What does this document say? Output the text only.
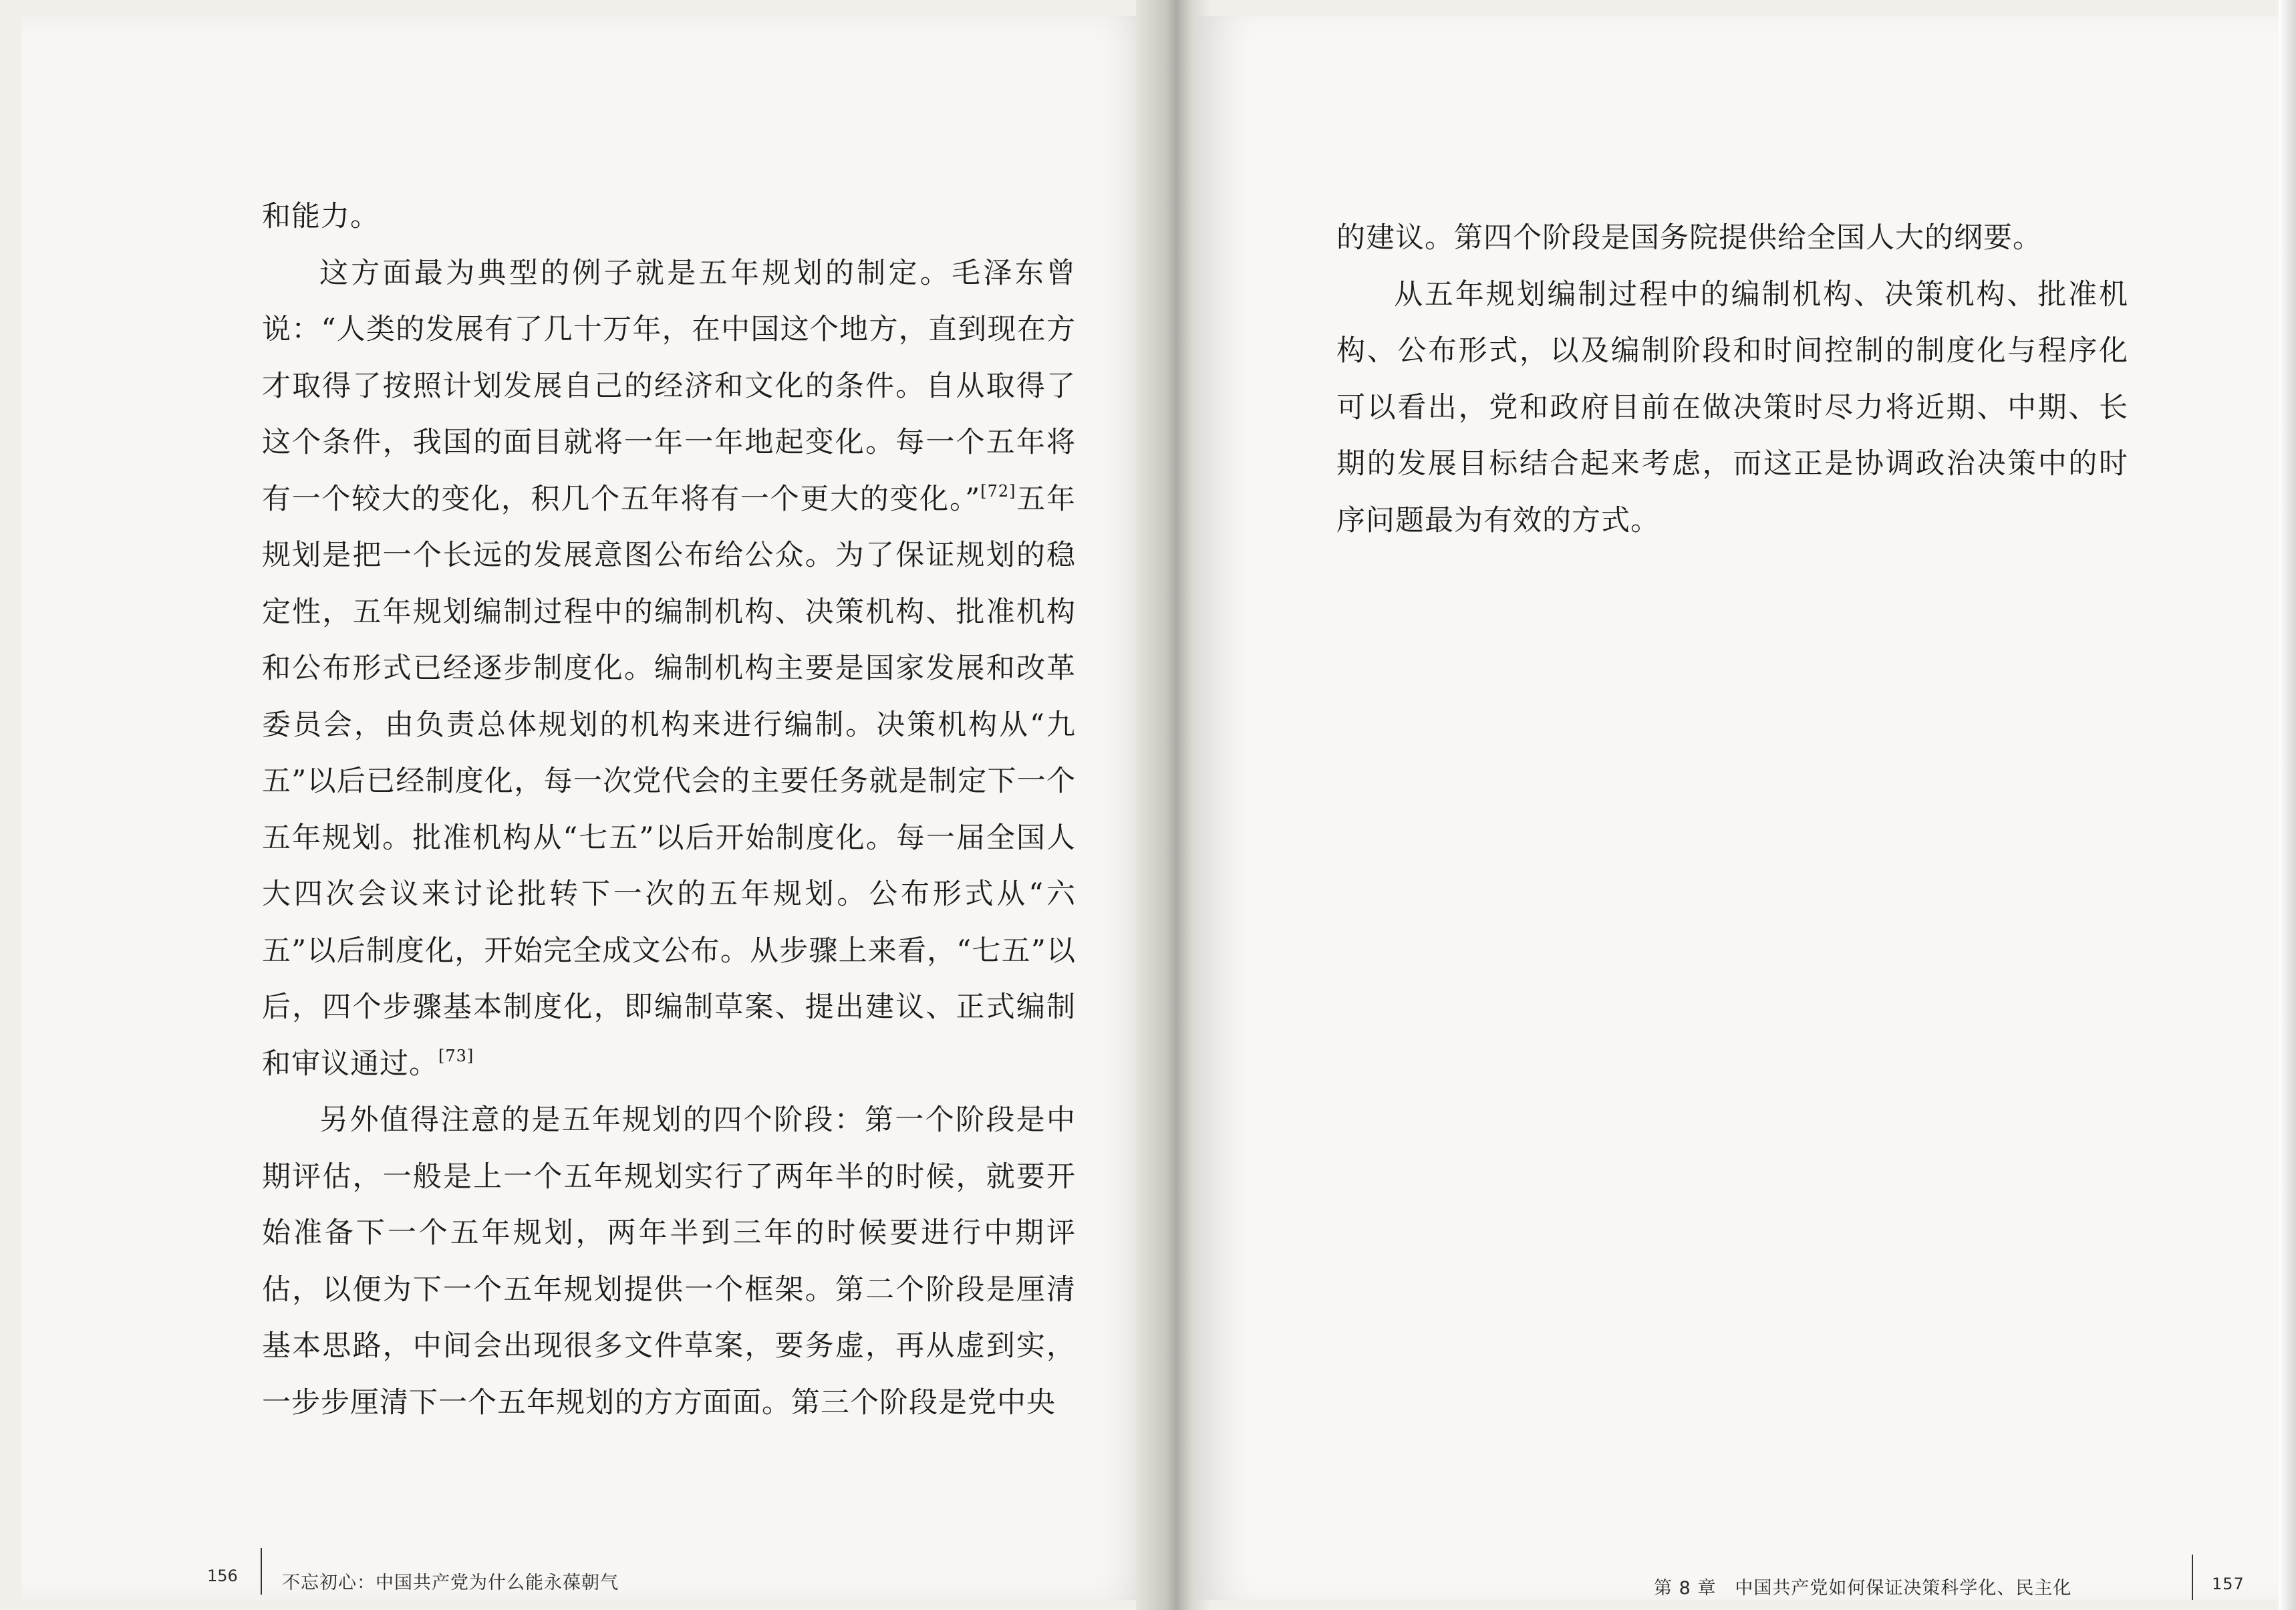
和能力。

这方面最为典型的例子就是五年规划的制定。毛泽东曾说：“人类的发展有了几十万年，在中国这个地方，直到现在方才取得了按照计划发展自己的经济和文化的条件。自从取得了这个条件，我国的面目就将一年一年地起变化。每一个五年将有一个较大的变化，积几个五年将有一个更大的变化。”[72]五年规划是把一个长远的发展意图公布给公众。为了保证规划的稳定性，五年规划编制过程中的编制机构、决策机构、批准机构和公布形式已经逐步制度化。编制机构主要是国家发展和改革委员会，由负责总体规划的机构来进行编制。决策机构从“九五”以后已经制度化，每一次党代会的主要任务就是制定下一个五年规划。批准机构从“七五”以后开始制度化。每一届全国人大四次会议来讨论批转下一次的五年规划。公布形式从“六五”以后制度化，开始完全成文公布。从步骤上来看，“七五”以后，四个步骤基本制度化，即编制草案、提出建议、正式编制和审议通过。[73]

另外值得注意的是五年规划的四个阶段：第一个阶段是中期评估，一般是上一个五年规划实行了两年半的时候，就要开始准备下一个五年规划，两年半到三年的时候要进行中期评估，以便为下一个五年规划提供一个框架。第二个阶段是厘清基本思路，中间会出现很多文件草案，要务虚，再从虚到实，一步步厘清下一个五年规划的方方面面。第三个阶段是党中央

156 不忘初心：中国共产党为什么能永葆朝气

的建议。第四个阶段是国务院提供给全国人大的纲要。

从五年规划编制过程中的编制机构、决策机构、批准机构、公布形式，以及编制阶段和时间控制的制度化与程序化可以看出，党和政府目前在做决策时尽力将近期、中期、长期的发展目标结合起来考虑，而这正是协调政治决策中的时序问题最为有效的方式。

第 8 章　 中国共产党如何保证决策科学化、民主化	157
